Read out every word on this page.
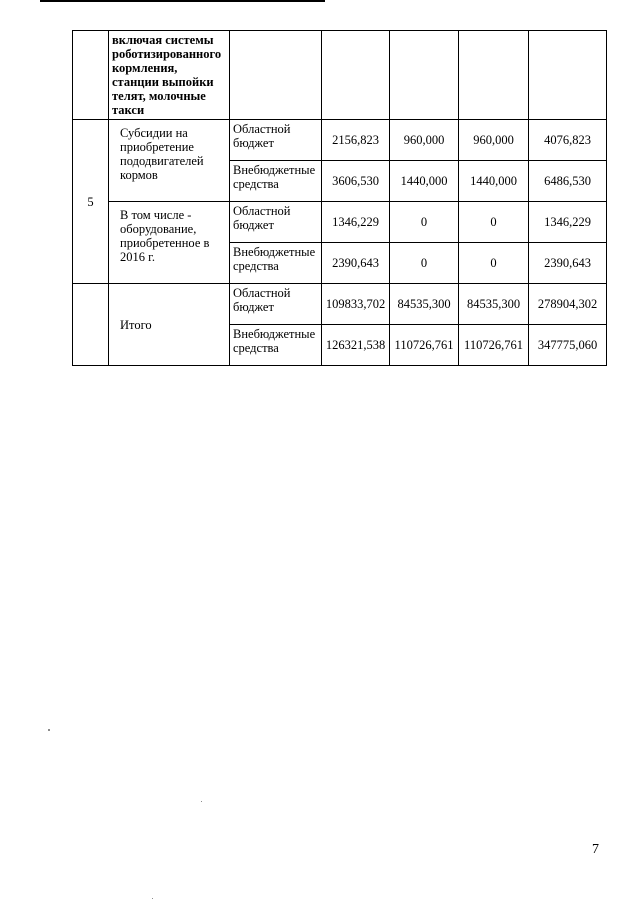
	включая системы роботизированного кормления, станции выпойки телят, молочные такси					
5	Субсидии на приобретение пододвигателей кормов	Областной бюджет	2156,823	960,000	960,000	4076,823
		Внебюджетные средства	3606,530	1440,000	1440,000	6486,530

	В том числе - оборудование, приобретенное в 2016 г.	Областной бюджет	1346,229	0	0	1346,229
		Внебюджетные средства	2390,643	0	0	2390,643

	Итого	Областной бюджет	109833,702	84535,300	84535,300	278904,302
		Внебюджетные средства	126321,538	110726,761	110726,761	347775,060
7
